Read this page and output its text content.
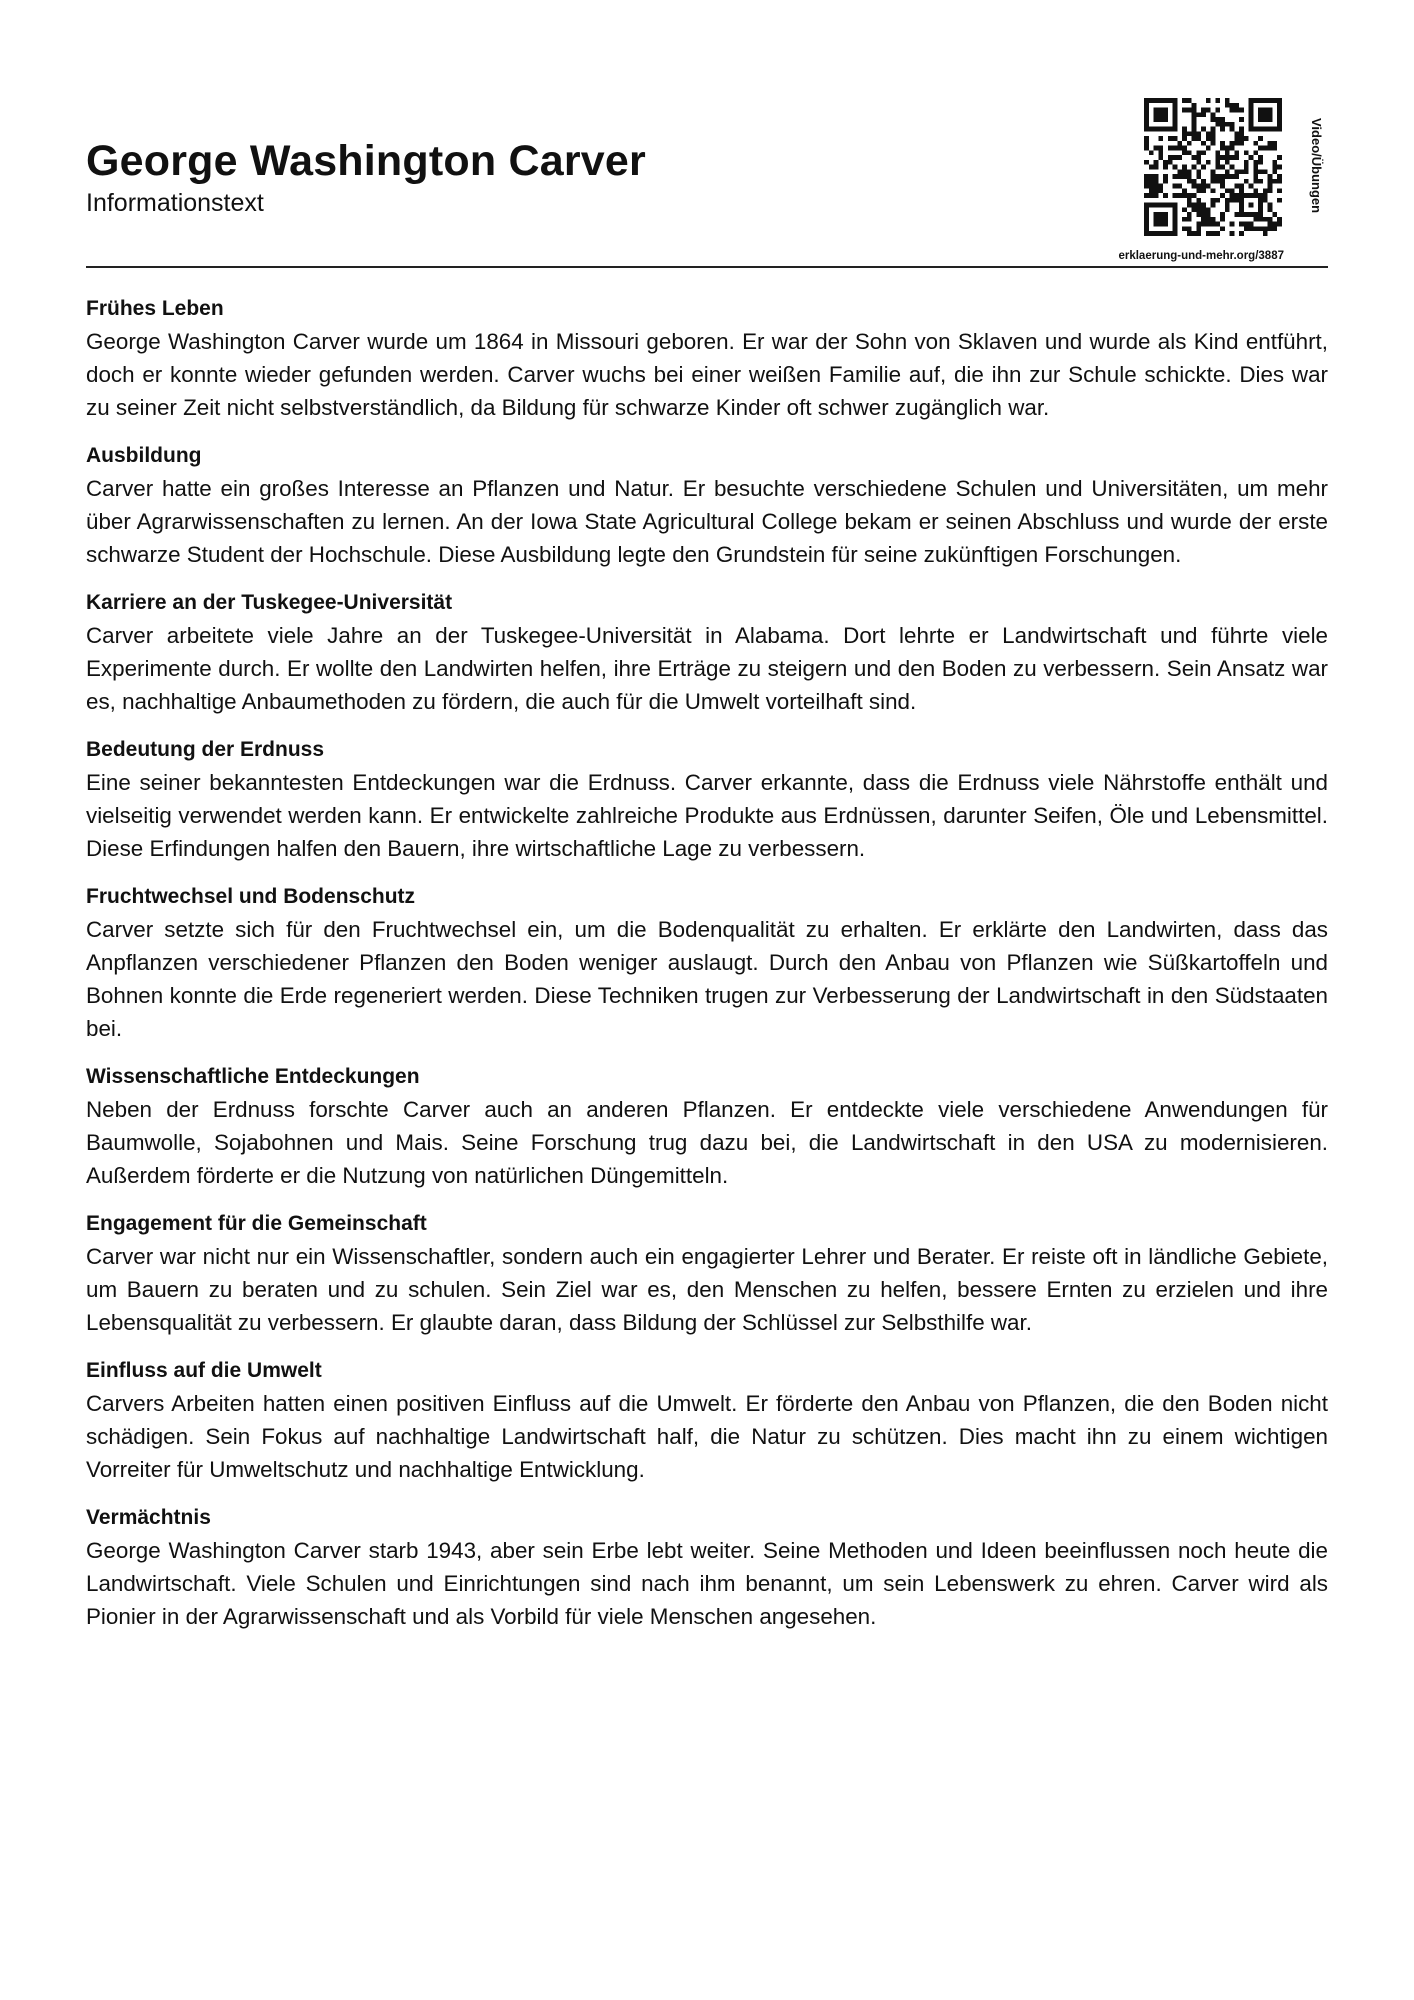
George Washington Carver
Informationstext
erklaerung-und-mehr.org/3887
Video/Übungen
Frühes Leben

George Washington Carver wurde um 1864 in Missouri geboren. Er war der Sohn von Sklaven und wurde als Kind entführt, doch er konnte wieder gefunden werden. Carver wuchs bei einer weißen Familie auf, die ihn zur Schule schickte. Dies war zu seiner Zeit nicht selbstverständlich, da Bildung für schwarze Kinder oft schwer zugänglich war.

Ausbildung

Carver hatte ein großes Interesse an Pflanzen und Natur. Er besuchte verschiedene Schulen und Universitäten, um mehr über Agrarwissenschaften zu lernen. An der Iowa State Agricultural College bekam er seinen Abschluss und wurde der erste schwarze Student der Hochschule. Diese Ausbildung legte den Grundstein für seine zukünftigen Forschungen.

Karriere an der Tuskegee-Universität

Carver arbeitete viele Jahre an der Tuskegee-Universität in Alabama. Dort lehrte er Landwirtschaft und führte viele Experimente durch. Er wollte den Landwirten helfen, ihre Erträge zu steigern und den Boden zu verbessern. Sein Ansatz war es, nachhaltige Anbaumethoden zu fördern, die auch für die Umwelt vorteilhaft sind.

Bedeutung der Erdnuss

Eine seiner bekanntesten Entdeckungen war die Erdnuss. Carver erkannte, dass die Erdnuss viele Nährstoffe enthält und vielseitig verwendet werden kann. Er entwickelte zahlreiche Produkte aus Erdnüssen, darunter Seifen, Öle und Lebensmittel. Diese Erfindungen halfen den Bauern, ihre wirtschaftliche Lage zu verbessern.

Fruchtwechsel und Bodenschutz

Carver setzte sich für den Fruchtwechsel ein, um die Bodenqualität zu erhalten. Er erklärte den Landwirten, dass das Anpflanzen verschiedener Pflanzen den Boden weniger auslaugt. Durch den Anbau von Pflanzen wie Süßkartoffeln und Bohnen konnte die Erde regeneriert werden. Diese Techniken trugen zur Verbesserung der Landwirtschaft in den Südstaaten bei.

Wissenschaftliche Entdeckungen

Neben der Erdnuss forschte Carver auch an anderen Pflanzen. Er entdeckte viele verschiedene Anwendungen für Baumwolle, Sojabohnen und Mais. Seine Forschung trug dazu bei, die Landwirtschaft in den USA zu modernisieren. Außerdem förderte er die Nutzung von natürlichen Düngemitteln.

Engagement für die Gemeinschaft

Carver war nicht nur ein Wissenschaftler, sondern auch ein engagierter Lehrer und Berater. Er reiste oft in ländliche Gebiete, um Bauern zu beraten und zu schulen. Sein Ziel war es, den Menschen zu helfen, bessere Ernten zu erzielen und ihre Lebensqualität zu verbessern. Er glaubte daran, dass Bildung der Schlüssel zur Selbsthilfe war.

Einfluss auf die Umwelt

Carvers Arbeiten hatten einen positiven Einfluss auf die Umwelt. Er förderte den Anbau von Pflanzen, die den Boden nicht schädigen. Sein Fokus auf nachhaltige Landwirtschaft half, die Natur zu schützen. Dies macht ihn zu einem wichtigen Vorreiter für Umweltschutz und nachhaltige Entwicklung.

Vermächtnis

George Washington Carver starb 1943, aber sein Erbe lebt weiter. Seine Methoden und Ideen beeinflussen noch heute die Landwirtschaft. Viele Schulen und Einrichtungen sind nach ihm benannt, um sein Lebenswerk zu ehren. Carver wird als Pionier in der Agrarwissenschaft und als Vorbild für viele Menschen angesehen.
